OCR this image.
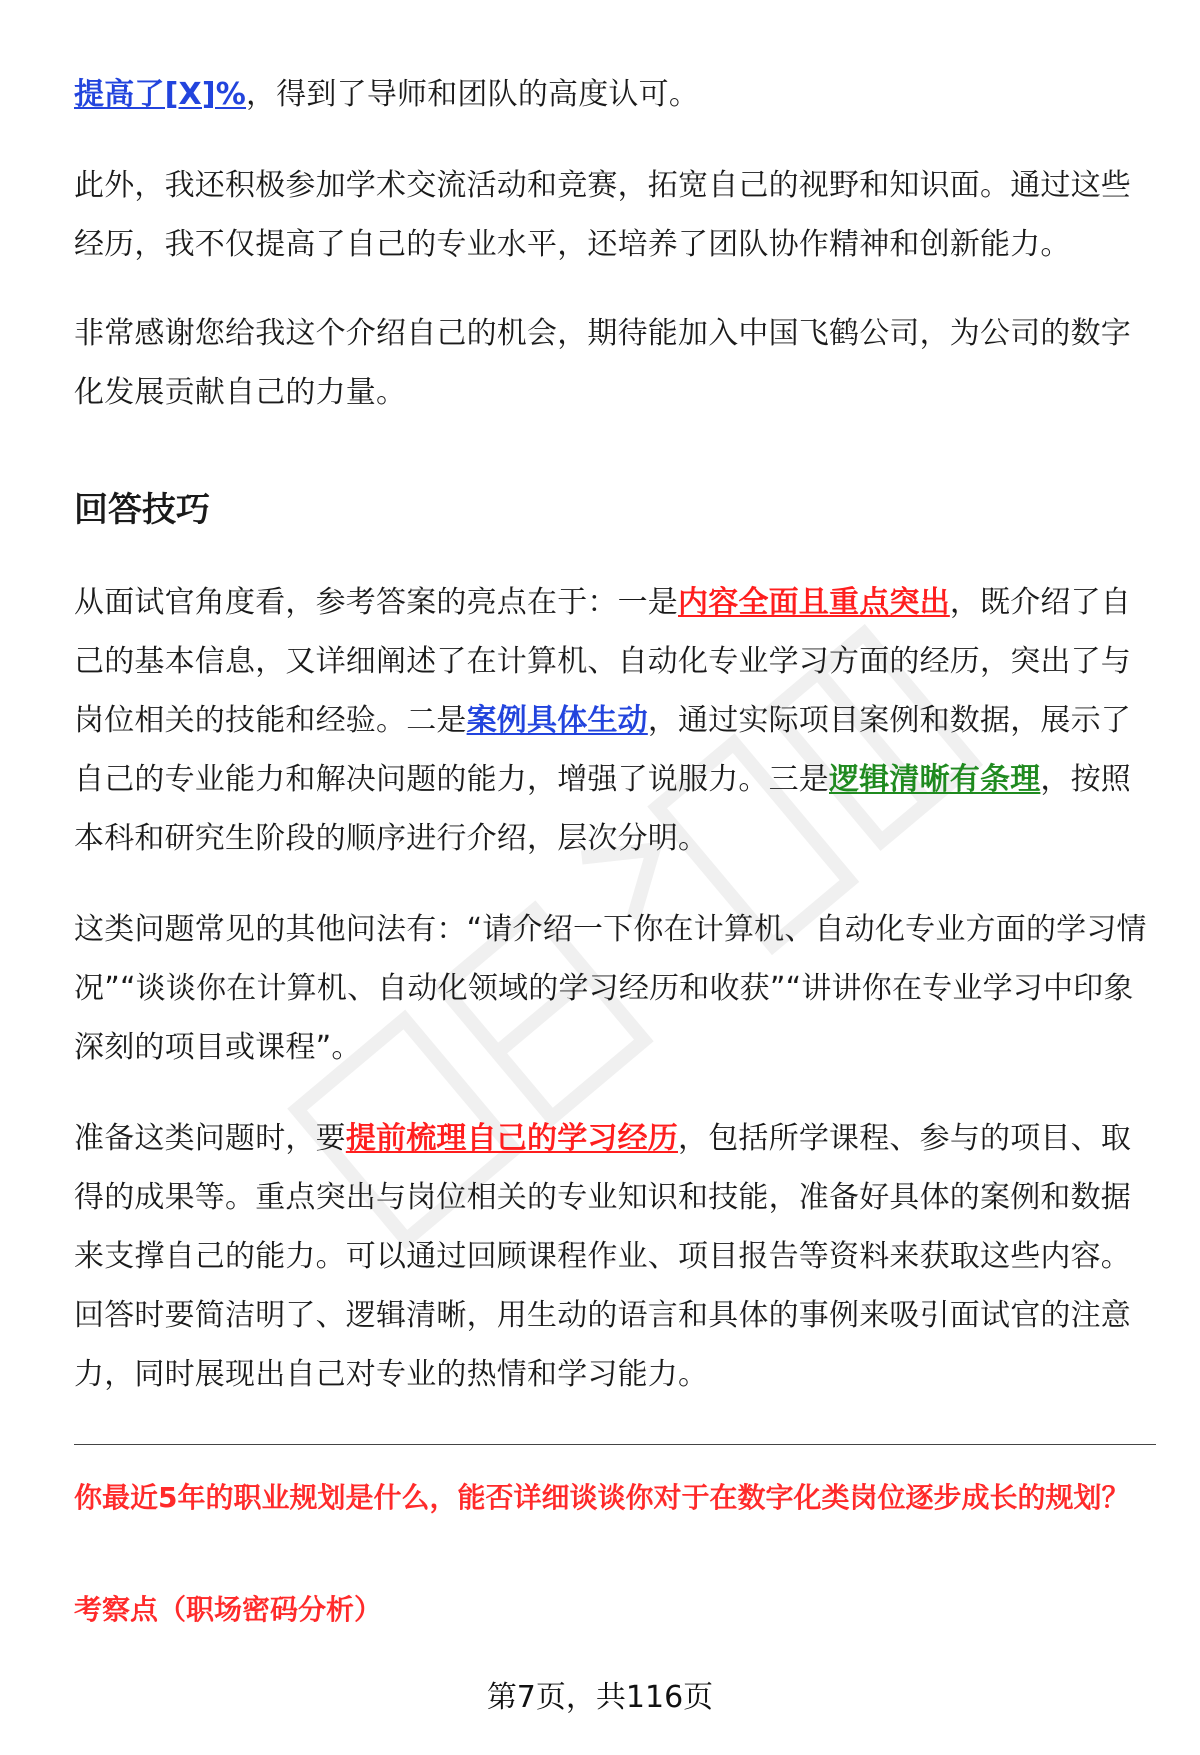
提高了[X]%，得到了导师和团队的高度认可。

此外，我还积极参加学术交流活动和竞赛，拓宽自己的视野和知识面。通过这些经历，我不仅提高了自己的专业水平，还培养了团队协作精神和创新能力。

非常感谢您给我这个介绍自己的机会，期待能加入中国飞鹤公司，为公司的数字化发展贡献自己的力量。

回答技巧

从面试官角度看，参考答案的亮点在于：一是内容全面且重点突出，既介绍了自己的基本信息，又详细阐述了在计算机、自动化专业学习方面的经历，突出了与岗位相关的技能和经验。二是案例具体生动，通过实际项目案例和数据，展示了自己的专业能力和解决问题的能力，增强了说服力。三是逻辑清晰有条理，按照本科和研究生阶段的顺序进行介绍，层次分明。

这类问题常见的其他问法有：“请介绍一下你在计算机、自动化专业方面的学习情况”“谈谈你在计算机、自动化领域的学习经历和收获”“讲讲你在专业学习中印象深刻的项目或课程”。

准备这类问题时，要提前梳理自己的学习经历，包括所学课程、参与的项目、取得的成果等。重点突出与岗位相关的专业知识和技能，准备好具体的案例和数据来支撑自己的能力。可以通过回顾课程作业、项目报告等资料来获取这些内容。回答时要简洁明了、逻辑清晰，用生动的语言和具体的事例来吸引面试官的注意力，同时展现出自己对专业的热情和学习能力。

你最近5年的职业规划是什么，能否详细谈谈你对于在数字化类岗位逐步成长的规划？

考察点（职场密码分析）

第7页，共116页
